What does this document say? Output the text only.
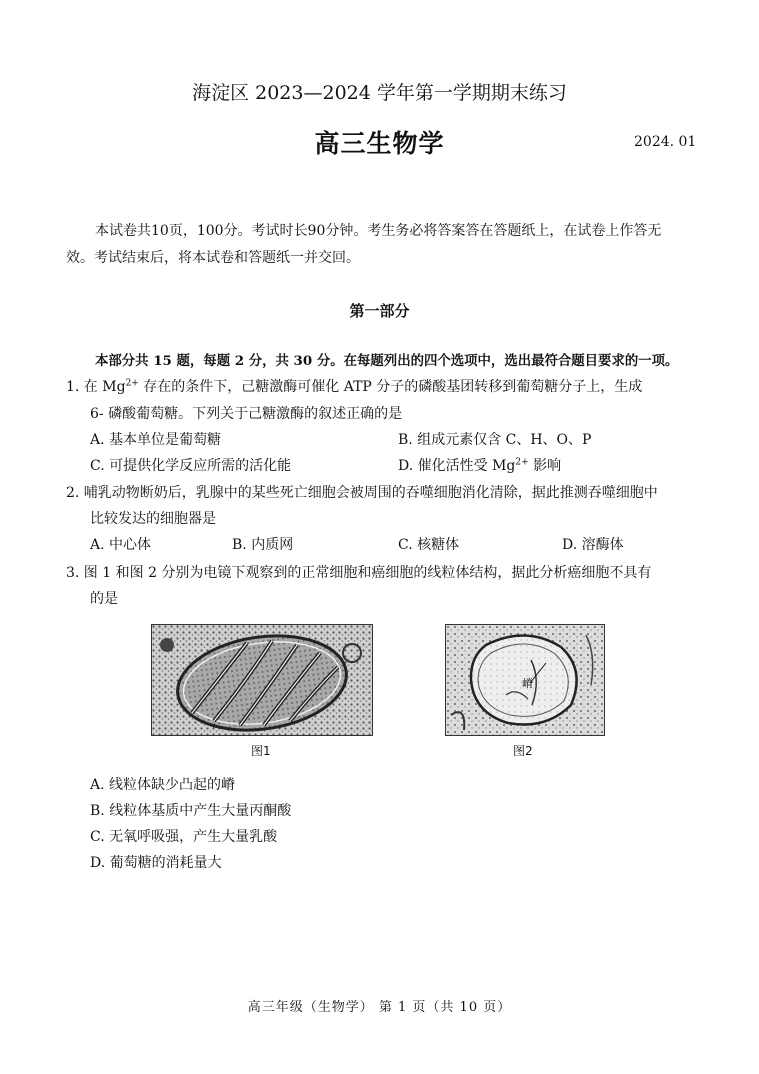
海淀区 2023—2024 学年第一学期期末练习
高三生物学	2024. 01
本试卷共10页，100分。考试时长90分钟。考生务必将答案答在答题纸上，在试卷上作答无
效。考试结束后，将本试卷和答题纸一并交回。
第一部分
本部分共 15 题，每题 2 分，共 30 分。在每题列出的四个选项中，选出最符合题目要求的一项。
1. 在 $Mg^{2+}$ 存在的条件下，己糖激酶可催化 ATP 分子的磷酸基团转移到葡萄糖分子上，生成
6- 磷酸葡萄糖。下列关于己糖激酶的叙述正确的是
A. 基本单位是葡萄糖	B. 组成元素仅含 C、H、O、P
C. 可提供化学反应所需的活化能	D. 催化活性受 $Mg^{2+}$ 影响
2. 哺乳动物断奶后，乳腺中的某些死亡细胞会被周围的吞噬细胞消化清除，据此推测吞噬细胞中
比较发达的细胞器是
A. 中心体	B. 内质网	C. 核糖体	D. 溶酶体
3. 图 1 和图 2 分别为电镜下观察到的正常细胞和癌细胞的线粒体结构，据此分析癌细胞不具有
的是
图1
嵴
图2
A. 线粒体缺少凸起的嵴
B. 线粒体基质中产生大量丙酮酸
C. 无氧呼吸强，产生大量乳酸
D. 葡萄糖的消耗量大
高三年级（生物学） 第 1 页（共 10 页）
